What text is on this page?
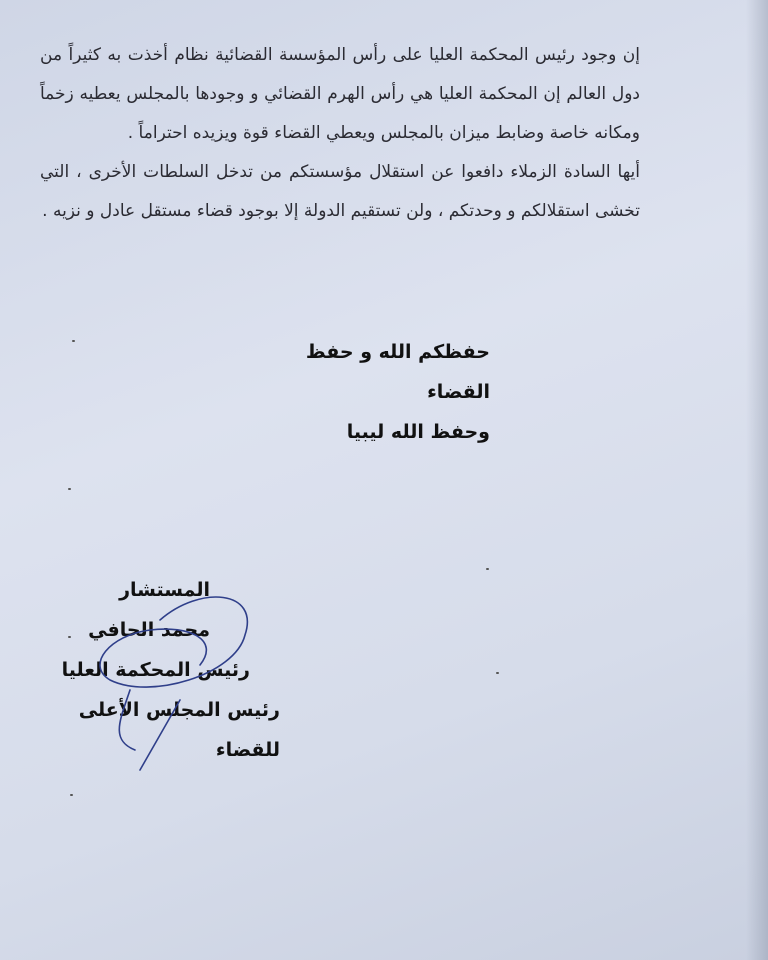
إن وجود رئيس المحكمة العليا على رأس المؤسسة القضائية نظام أخذت به كثيراً من دول العالم إن المحكمة العليا هي رأس الهرم القضائي و وجودها بالمجلس يعطيه زخماً ومكانه خاصة وضابط ميزان بالمجلس ويعطي القضاء قوة ويزيده احتراماً .

أيها السادة الزملاء دافعوا عن استقلال مؤسستكم من تدخل السلطات الأخرى ، التي تخشى استقلالكم و وحدتكم ، ولن تستقيم الدولة إلا بوجود قضاء مستقل عادل و نزيه .

حفظكم الله و حفظ القضاء
وحفظ الله ليبيا
المستشار
محمد الحافي
رئيس المحكمة العليا
رئيس المجلس الأعلى للقضاء
